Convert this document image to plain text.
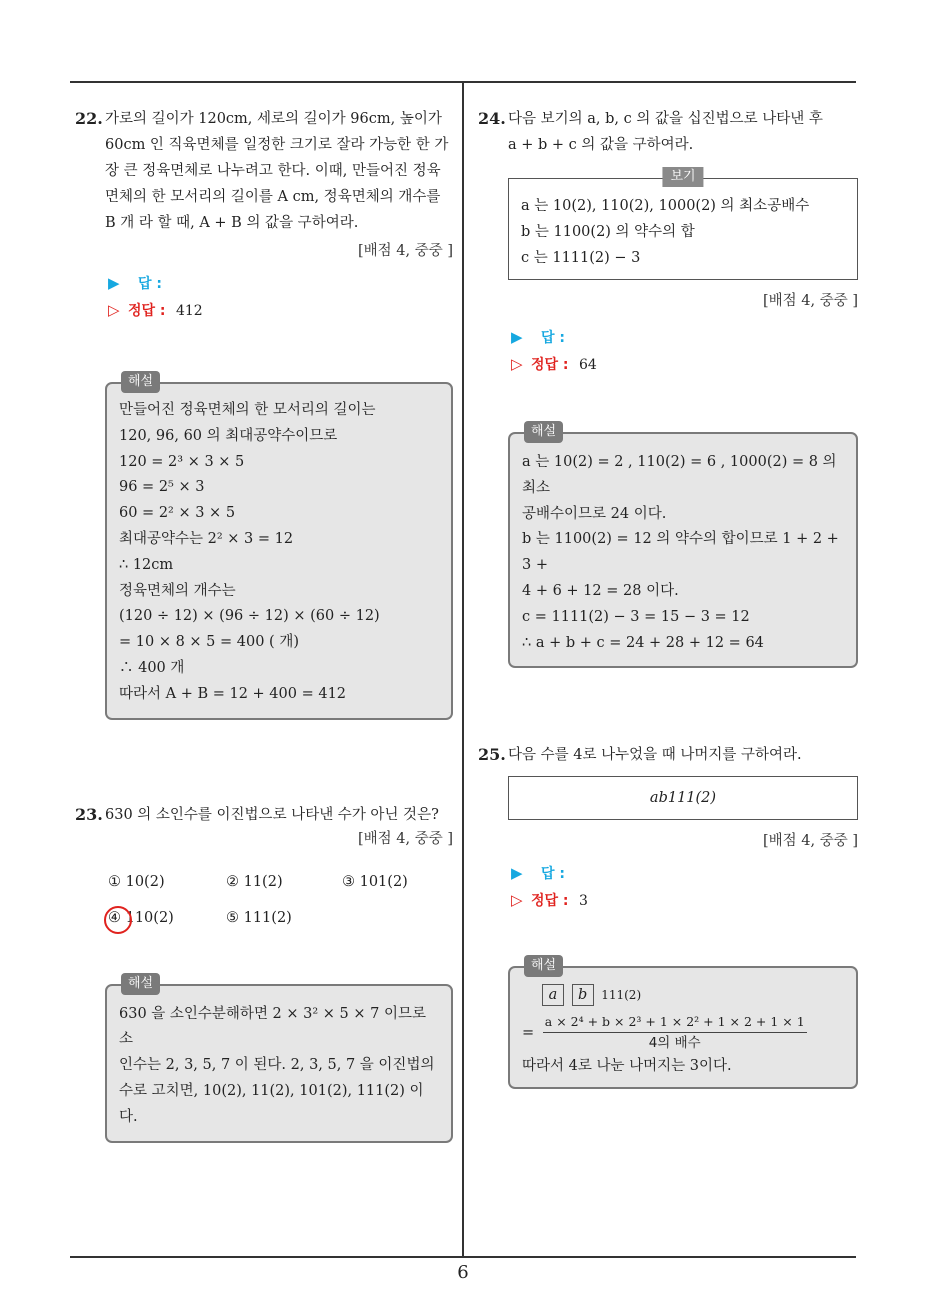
22. 가로의 길이가 120cm, 세로의 길이가 96cm, 높이가

60cm 인 직육면체를 일정한 크기로 잘라 가능한 한 가

장 큰 정육면체로 나누려고 한다. 이때, 만들어진 정육

면체의 한 모서리의 길이를 A cm, 정육면체의 개수를

B 개 라 할 때, A + B 의 값을 구하여라.

[배점 4, 중중 ]
▶ 답 :
▷ 정답 : 412
해설

만들어진 정육면체의 한 모서리의 길이는

120, 96, 60 의 최대공약수이므로

120 = 2³ × 3 × 5

96 = 2⁵ × 3

60 = 2² × 3 × 5

최대공약수는 2² × 3 = 12

∴ 12cm

정육면체의 개수는

(120 ÷ 12) × (96 ÷ 12) × (60 ÷ 12)

= 10 × 8 × 5 = 400 ( 개)

∴ 400 개

따라서 A + B = 12 + 400 = 412

23. 630 의 소인수를 이진법으로 나타낸 수가 아닌 것은?

[배점 4, 중중 ]
① 10(2)	② 11(2)	③ 101(2)
④ 110(2)	⑤ 111(2)
해설

630 을 소인수분해하면 2 × 3² × 5 × 7 이므로 소

인수는 2, 3, 5, 7 이 된다. 2, 3, 5, 7 을 이진법의

수로 고치면, 10(2), 11(2), 101(2), 111(2) 이다.

24. 다음 보기의 a, b, c 의 값을 십진법으로 나타낸 후

a + b + c 의 값을 구하여라.

보기
a 는 10(2), 110(2), 1000(2) 의 최소공배수
b 는 1100(2) 의 약수의 합
c 는 1111(2) − 3
[배점 4, 중중 ]
▶ 답 :
▷ 정답 : 64
해설

a 는 10(2) = 2 , 110(2) = 6 , 1000(2) = 8 의 최소

공배수이므로 24 이다.

b 는 1100(2) = 12 의 약수의 합이므로 1 + 2 + 3 +

4 + 6 + 12 = 28 이다.

c = 1111(2) − 3 = 15 − 3 = 12

∴ a + b + c = 24 + 28 + 12 = 64

25. 다음 수를 4로 나누었을 때 나머지를 구하여라.

ab111(2)
[배점 4, 중중 ]
▶ 답 :
▷ 정답 : 3
해설
a b 111(2)
= $\frac{\text{a × 2⁴ + b × 2³ + 1 × 2² + 1 × 2 + 1 × 1}}{\text{4의 배수}}$

따라서 4로 나눈 나머지는 3이다.

6
